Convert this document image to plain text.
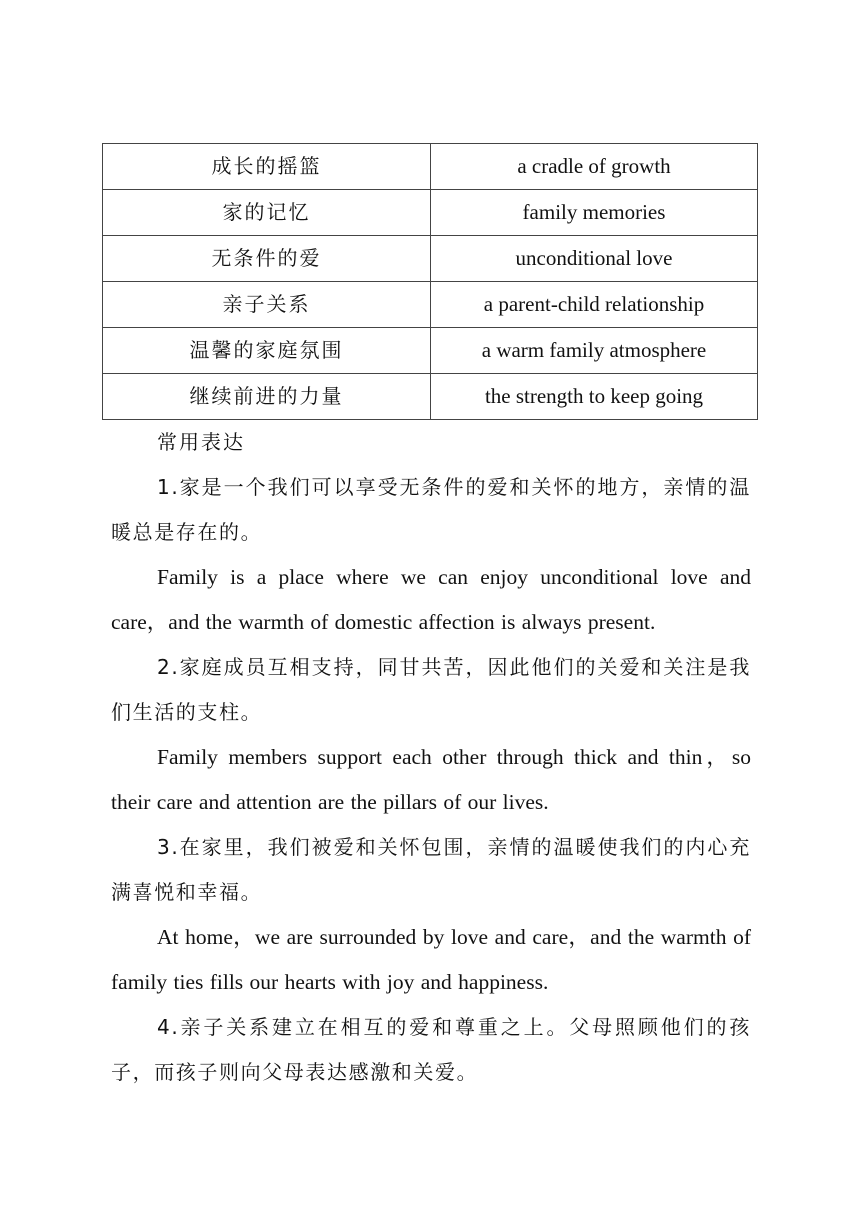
成长的摇篮	a cradle of growth
家的记忆	family memories
无条件的爱	unconditional love
亲子关系	a parent-child relationship
温馨的家庭氛围	a warm family atmosphere
继续前进的力量	the strength to keep going

常用表达

1.家是一个我们可以享受无条件的爱和关怀的地方，亲情的温暖总是存在的。

Family is a place where we can enjoy unconditional love and care，and the warmth of domestic affection is always present.

2.家庭成员互相支持，同甘共苦，因此他们的关爱和关注是我们生活的支柱。

Family members support each other through thick and thin，so their care and attention are the pillars of our lives.

3.在家里，我们被爱和关怀包围，亲情的温暖使我们的内心充满喜悦和幸福。

At home，we are surrounded by love and care，and the warmth of family ties fills our hearts with joy and happiness.

4.亲子关系建立在相互的爱和尊重之上。父母照顾他们的孩子，而孩子则向父母表达感激和关爱。
